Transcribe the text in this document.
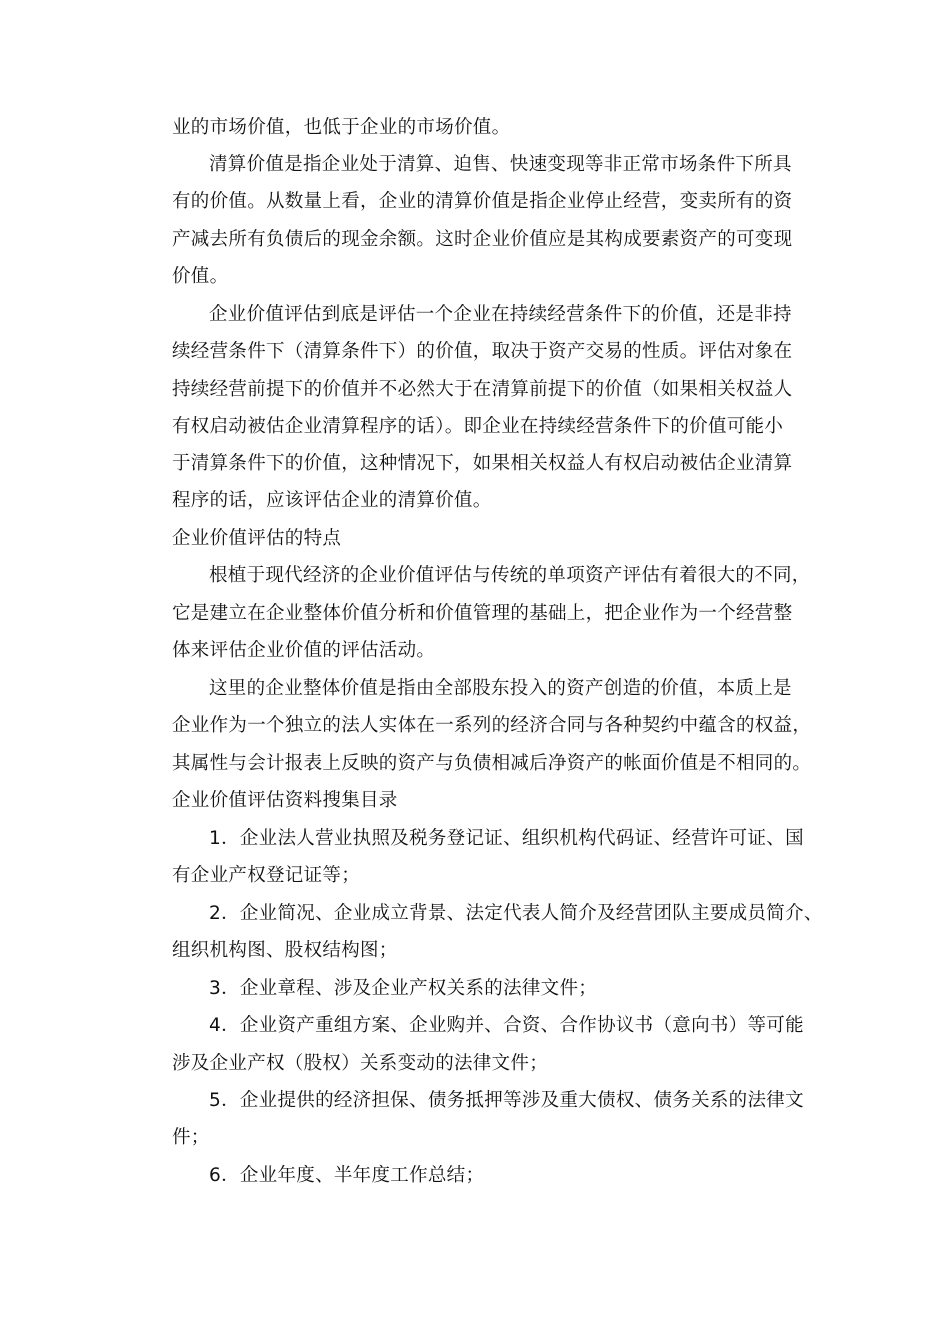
业的市场价值，也低于企业的市场价值。

清算价值是指企业处于清算、迫售、快速变现等非正常市场条件下所具

有的价值。从数量上看，企业的清算价值是指企业停止经营，变卖所有的资

产减去所有负债后的现金余额。这时企业价值应是其构成要素资产的可变现

价值。

企业价值评估到底是评估一个企业在持续经营条件下的价值，还是非持

续经营条件下（清算条件下）的价值，取决于资产交易的性质。评估对象在

持续经营前提下的价值并不必然大于在清算前提下的价值（如果相关权益人

有权启动被估企业清算程序的话）。即企业在持续经营条件下的价值可能小

于清算条件下的价值，这种情况下，如果相关权益人有权启动被估企业清算

程序的话，应该评估企业的清算价值。

企业价值评估的特点

根植于现代经济的企业价值评估与传统的单项资产评估有着很大的不同，

它是建立在企业整体价值分析和价值管理的基础上，把企业作为一个经营整

体来评估企业价值的评估活动。

这里的企业整体价值是指由全部股东投入的资产创造的价值，本质上是

企业作为一个独立的法人实体在一系列的经济合同与各种契约中蕴含的权益，

其属性与会计报表上反映的资产与负债相减后净资产的帐面价值是不相同的。

企业价值评估资料搜集目录

1．企业法人营业执照及税务登记证、组织机构代码证、经营许可证、国

有企业产权登记证等；

2．企业简况、企业成立背景、法定代表人简介及经营团队主要成员简介、

组织机构图、股权结构图；

3．企业章程、涉及企业产权关系的法律文件；

4．企业资产重组方案、企业购并、合资、合作协议书（意向书）等可能

涉及企业产权（股权）关系变动的法律文件；

5．企业提供的经济担保、债务抵押等涉及重大债权、债务关系的法律文

件；

6．企业年度、半年度工作总结；
